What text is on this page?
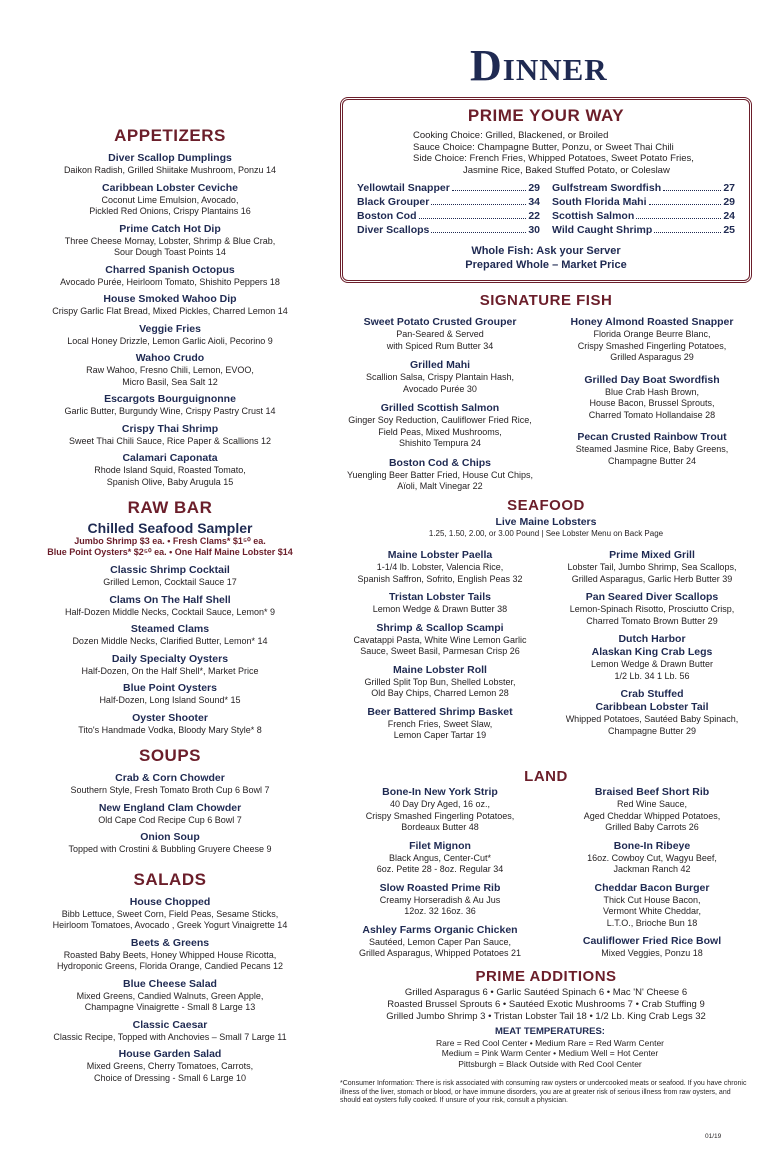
Dinner
APPETIZERS
Diver Scallop Dumplings
Daikon Radish, Grilled Shiitake Mushroom, Ponzu 14
Caribbean Lobster Ceviche
Coconut Lime Emulsion, Avocado,
Pickled Red Onions, Crispy Plantains 16
Prime Catch Hot Dip
Three Cheese Mornay, Lobster, Shrimp & Blue Crab,
Sour Dough Toast Points 14
Charred Spanish Octopus
Avocado Purée, Heirloom Tomato, Shishito Peppers 18
House Smoked Wahoo Dip
Crispy Garlic Flat Bread, Mixed Pickles, Charred Lemon 14
Veggie Fries
Local Honey Drizzle, Lemon Garlic Aioli, Pecorino 9
Wahoo Crudo
Raw Wahoo, Fresno Chili, Lemon, EVOO,
Micro Basil, Sea Salt 12
Escargots Bourguignonne
Garlic Butter, Burgundy Wine, Crispy Pastry Crust 14
Crispy Thai Shrimp
Sweet Thai Chili Sauce, Rice Paper & Scallions 12
Calamari Caponata
Rhode Island Squid, Roasted Tomato,
Spanish Olive, Baby Arugula 15
RAW BAR
Chilled Seafood Sampler
Jumbo Shrimp $3 ea. • Fresh Clams* $1⁵⁰ ea.
Blue Point Oysters* $2⁵⁰ ea. • One Half Maine Lobster $14
Classic Shrimp Cocktail
Grilled Lemon, Cocktail Sauce 17
Clams On The Half Shell
Half-Dozen Middle Necks, Cocktail Sauce, Lemon* 9
Steamed Clams
Dozen Middle Necks, Clarified Butter, Lemon* 14
Daily Specialty Oysters
Half-Dozen, On the Half Shell*, Market Price
Blue Point Oysters
Half-Dozen, Long Island Sound* 15
Oyster Shooter
Tito's Handmade Vodka, Bloody Mary Style* 8
SOUPS
Crab & Corn Chowder
Southern Style, Fresh Tomato Broth Cup 6 Bowl 7
New England Clam Chowder
Old Cape Cod Recipe Cup 6 Bowl 7
Onion Soup
Topped with Crostini & Bubbling Gruyere Cheese 9
SALADS
House Chopped
Bibb Lettuce, Sweet Corn, Field Peas, Sesame Sticks,
Heirloom Tomatoes, Avocado , Greek Yogurt Vinaigrette 14
Beets & Greens
Roasted Baby Beets, Honey Whipped House Ricotta,
Hydroponic Greens, Florida Orange, Candied Pecans 12
Blue Cheese Salad
Mixed Greens, Candied Walnuts, Green Apple,
Champagne Vinaigrette - Small 8 Large 13
Classic Caesar
Classic Recipe, Topped with Anchovies – Small 7 Large 11
House Garden Salad
Mixed Greens, Cherry Tomatoes, Carrots,
Choice of Dressing - Small 6 Large 10
PRIME YOUR WAY
Cooking Choice: Grilled, Blackened, or Broiled
Sauce Choice: Champagne Butter, Ponzu, or Sweet Thai Chili
Side Choice: French Fries, Whipped Potatoes, Sweet Potato Fries,
Jasmine Rice, Baked Stuffed Potato, or Coleslaw
Yellowtail Snapper	29 Gulfstream Swordfish	27
Black Grouper	34 South Florida Mahi	29
Boston Cod	22 Scottish Salmon	24
Diver Scallops	30 Wild Caught Shrimp	25
Whole Fish: Ask your Server
Prepared Whole – Market Price
SIGNATURE FISH
Sweet Potato Crusted Grouper
Pan-Seared & Served
with Spiced Rum Butter 34
Grilled Mahi
Scallion Salsa, Crispy Plantain Hash,
Avocado Purée 30
Grilled Scottish Salmon
Ginger Soy Reduction, Cauliflower Fried Rice,
Field Peas, Mixed Mushrooms,
Shishito Tempura 24
Boston Cod & Chips
Yuengling Beer Batter Fried, House Cut Chips,
Aïoli, Malt Vinegar 22
Honey Almond Roasted Snapper
Florida Orange Beurre Blanc,
Crispy Smashed Fingerling Potatoes,
Grilled Asparagus 29
Grilled Day Boat Swordfish
Blue Crab Hash Brown,
House Bacon, Brussel Sprouts,
Charred Tomato Hollandaise 28
Pecan Crusted Rainbow Trout
Steamed Jasmine Rice, Baby Greens,
Champagne Butter 24
SEAFOOD
Live Maine Lobsters
1.25, 1.50, 2.00, or 3.00 Pound | See Lobster Menu on Back Page
Maine Lobster Paella
1-1/4 lb. Lobster, Valencia Rice,
Spanish Saffron, Sofrito, English Peas 32
Tristan Lobster Tails
Lemon Wedge & Drawn Butter 38
Shrimp & Scallop Scampi
Cavatappi Pasta, White Wine Lemon Garlic
Sauce, Sweet Basil, Parmesan Crisp 26
Maine Lobster Roll
Grilled Split Top Bun, Shelled Lobster,
Old Bay Chips, Charred Lemon 28
Beer Battered Shrimp Basket
French Fries, Sweet Slaw,
Lemon Caper Tartar 19
Prime Mixed Grill
Lobster Tail, Jumbo Shrimp, Sea Scallops,
Grilled Asparagus, Garlic Herb Butter 39
Pan Seared Diver Scallops
Lemon-Spinach Risotto, Prosciutto Crisp,
Charred Tomato Brown Butter 29
Dutch Harbor
Alaskan King Crab Legs
Lemon Wedge & Drawn Butter
1/2 Lb. 34 1 Lb. 56
Crab Stuffed
Caribbean Lobster Tail
Whipped Potatoes, Sautéed Baby Spinach,
Champagne Butter 29
LAND
Bone-In New York Strip
40 Day Dry Aged, 16 oz.,
Crispy Smashed Fingerling Potatoes,
Bordeaux Butter 48
Filet Mignon
Black Angus, Center-Cut*
6oz. Petite 28 - 8oz. Regular 34
Slow Roasted Prime Rib
Creamy Horseradish & Au Jus
12oz. 32 16oz. 36
Ashley Farms Organic Chicken
Sautéed, Lemon Caper Pan Sauce,
Grilled Asparagus, Whipped Potatoes 21
Braised Beef Short Rib
Red Wine Sauce,
Aged Cheddar Whipped Potatoes,
Grilled Baby Carrots 26
Bone-In Ribeye
16oz. Cowboy Cut, Wagyu Beef,
Jackman Ranch 42
Cheddar Bacon Burger
Thick Cut House Bacon,
Vermont White Cheddar,
L.T.O., Brioche Bun 18
Cauliflower Fried Rice Bowl
Mixed Veggies, Ponzu 18
PRIME ADDITIONS
Grilled Asparagus 6 • Garlic Sautéed Spinach 6 • Mac 'N' Cheese 6
Roasted Brussel Sprouts 6 • Sautéed Exotic Mushrooms 7 • Crab Stuffing 9
Grilled Jumbo Shrimp 3 • Tristan Lobster Tail 18 • 1/2 Lb. King Crab Legs 32
MEAT TEMPERATURES:
Rare = Red Cool Center • Medium Rare = Red Warm Center
Medium = Pink Warm Center • Medium Well = Hot Center
Pittsburgh = Black Outside with Red Cool Center
*Consumer Information: There is risk associated with consuming raw oysters or undercooked meats or seafood. If you have chronic illness of the liver, stomach or blood, or have immune disorders, you are at greater risk of serious illness from raw oysters, and should eat oysters fully cooked. If unsure of your risk, consult a physician.
01/19
